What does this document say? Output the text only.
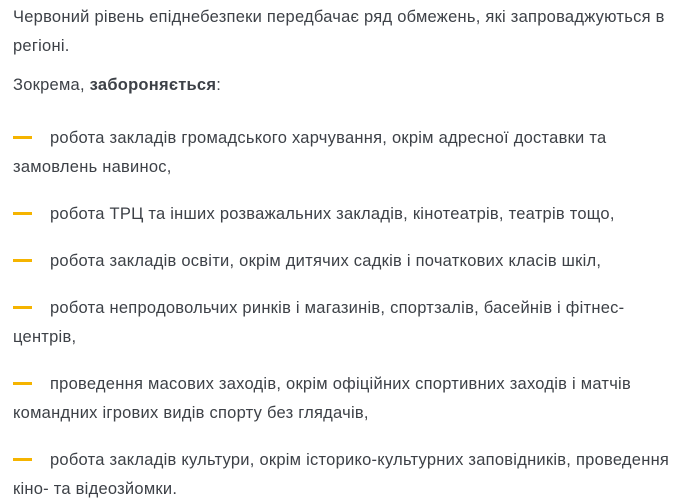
Червоний рівень епіднебезпеки передбачає ряд обмежень, які запроваджуються в регіоні.

Зокрема, забороняється:

робота закладів громадського харчування, окрім адресної доставки та замовлень навинос,
робота ТРЦ та інших розважальних закладів, кінотеатрів, театрів тощо,
робота закладів освіти, окрім дитячих садків і початкових класів шкіл,
робота непродовольчих ринків і магазинів, спортзалів, басейнів і фітнес-центрів,
проведення масових заходів, окрім офіційних спортивних заходів і матчів командних ігрових видів спорту без глядачів,
робота закладів культури, окрім історико-культурних заповідників, проведення кіно- та відеозйомки.
